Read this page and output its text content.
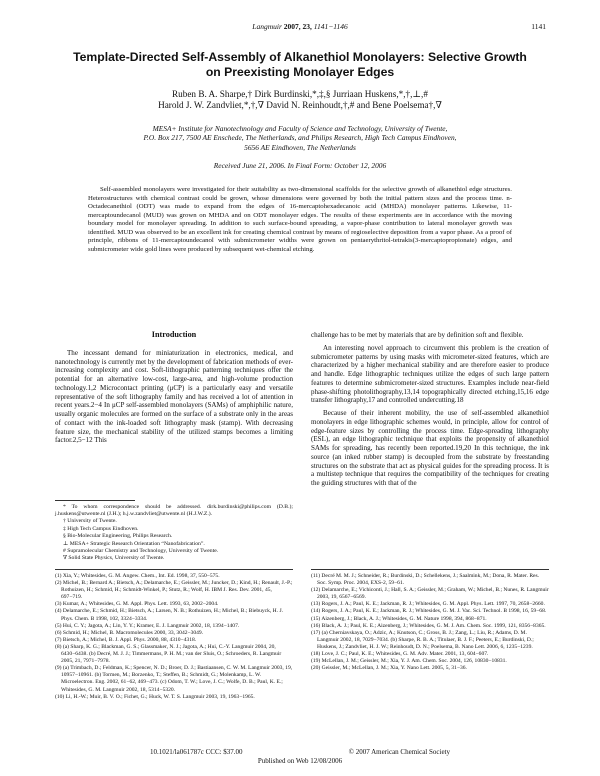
Langmuir 2007, 23, 1141−1146	1141
Template-Directed Self-Assembly of Alkanethiol Monolayers: Selective Growth on Preexisting Monolayer Edges
Ruben B. A. Sharpe,† Dirk Burdinski,*,‡,§ Jurriaan Huskens,*,†,⊥,#
Harold J. W. Zandvliet,*,†,∇ David N. Reinhoudt,†,# and Bene Poelsema†,∇
MESA+ Institute for Nanotechnology and Faculty of Science and Technology, University of Twente,
P.O. Box 217, 7500 AE Enschede, The Netherlands, and Philips Research, High Tech Campus Eindhoven,
5656 AE Eindhoven, The Netherlands
Received June 21, 2006. In Final Form: October 12, 2006

Self-assembled monolayers were investigated for their suitability as two-dimensional scaffolds for the selective growth of alkanethiol edge structures. Heterostructures with chemical contrast could be grown, whose dimensions were governed by both the initial pattern sizes and the process time. n-Octadecanethiol (ODT) was made to expand from the edges of 16-mercaptohexadecanoic acid (MHDA) monolayer patterns. Likewise, 11-mercaptoundecanol (MUD) was grown on MHDA and on ODT monolayer edges. The results of these experiments are in accordance with the moving boundary model for monolayer spreading. In addition to such surface-bound spreading, a vapor-phase contribution to lateral monolayer growth was identified. MUD was observed to be an excellent ink for creating chemical contrast by means of regioselective deposition from a vapor phase. As a proof of principle, ribbons of 11-mercaptoundecanol with submicrometer widths were grown on pentaerythritol-tetrakis(3-mercaptopropionate) edges, and submicrometer wide gold lines were produced by subsequent wet-chemical etching.

Introduction

The incessant demand for miniaturization in electronics, medical, and nanotechnology is currently met by the development of fabrication methods of ever-increasing complexity and cost. Soft-lithographic patterning techniques offer the potential for an alternative low-cost, large-area, and high-volume production technology.1,2 Microcontact printing (μCP) is a particularly easy and versatile representative of the soft lithography family and has received a lot of attention in recent years.2−4 In μCP self-assembled monolayers (SAMs) of amphiphilic nature, usually organic molecules are formed on the surface of a substrate only in the areas of contact with the ink-loaded soft lithography mask (stamp). With decreasing feature size, the mechanical stability of the utilized stamps becomes a limiting factor.2,5−12 This

challenge has to be met by materials that are by definition soft and flexible.

An interesting novel approach to circumvent this problem is the creation of submicrometer patterns by using masks with micrometer-sized features, which are characterized by a higher mechanical stability and are therefore easier to produce and handle. Edge lithographic techniques utilize the edges of such large pattern features to determine submicrometer-sized structures. Examples include near-field phase-shifting photolithography,13,14 topographically directed etching,15,16 edge transfer lithography,17 and controlled undercutting.18

Because of their inherent mobility, the use of self-assembled alkanethiol monolayers in edge lithographic schemes would, in principle, allow for control of edge-feature sizes by controlling the process time. Edge-spreading lithography (ESL), an edge lithographic technique that exploits the propensity of alkanethiol SAMs for spreading, has recently been reported.19,20 In this technique, the ink source (an inked rubber stamp) is decoupled from the substrate by freestanding structures on the substrate that act as physical guides for the spreading process. It is a multistep technique that requires the compatibility of the techniques for creating the guiding structures with that of the

* To whom correspondence should be addressed. dirk.burdinski@philips.com (D.B.); j.huskens@utwente.nl (J.H.); h.j.w.zandvliet@utwente.nl (H.J.W.Z.).
† University of Twente.
‡ High Tech Campus Eindhoven.
§ Bio-Molecular Engineering, Philips Research.
⊥ MESA+ Strategic Research Orientation “Nanofabrication”.
# Supramolecular Chemistry and Technology, University of Twente.
∇ Solid State Physics, University of Twente.
(1) Xia, Y.; Whitesides, G. M. Angew. Chem., Int. Ed. 1998, 37, 550−575.
(2) Michel, B.; Bernard A.; Bietsch, A.; Delamarche, E.; Geissler, M.; Juncker, D.; Kind, H.; Renault, J.-P.; Rothuizen, H.; Schmid, H.; Schmidt-Winkel, P.; Stutz, R.; Wolf, H. IBM J. Res. Dev. 2001, 45, 697−719.
(3) Kumar, A.; Whitesides, G. M. Appl. Phys. Lett. 1993, 63, 2002−2004.
(4) Delamarche, E.; Schmid, H.; Bietsch, A.; Larsen, N. B.; Rothuizen, H.; Michel, B.; Biebuyck, H. J. Phys. Chem. B 1998, 102, 3324−3334.
(5) Hui, C. Y.; Jagota, A.; Lin, Y. Y.; Kramer, E. J. Langmuir 2002, 18, 1394−1407.
(6) Schmid, H.; Michel, B. Macromolecules 2000, 33, 3042−3049.
(7) Bietsch, A.; Michel, B. J. Appl. Phys. 2000, 88, 4310−4318.
(8) (a) Sharp, K. G.; Blackman, G. S.; Glassmaker, N. J.; Jagota, A.; Hui, C.-Y. Langmuir 2004, 20, 6430−6438. (b) Decré, M. J. J.; Timmermans, P. H. M.; van der Sluis, O.; Schroeders, R. Langmuir 2005, 21, 7971−7978.
(9) (a) Trimbach, D.; Feldman, K.; Spencer, N. D.; Broer, D. J.; Bastiaansen, C. W. M. Langmuir 2003, 19, 10957−10961. (b) Tormen, M.; Borzenko, T.; Steffen, B.; Schmidt, G.; Molenkamp, L. W. Microelectron. Eng. 2002, 61−62, 469−473. (c) Odom, T. W.; Love, J. C.; Wolfe, D. B.; Paul, K. E.; Whitesides, G. M. Langmuir 2002, 18, 5314−5320.
(10) Li, H.-W.; Muir, B. V. O.; Fichet, G.; Huck, W. T. S. Langmuir 2003, 19, 1963−1965.
(11) Decré M. M. J.; Schneider, R.; Burdinski, D.; Schellekens, J.; Saalmink, M.; Dona, R. Mater. Res. Soc. Symp. Proc. 2004, EXS-2, 59−61.
(12) Delamarche, E.; Vichiconti, J.; Hall, S. A.; Geissler, M.; Graham, W.; Michel, B.; Nunes, R. Langmuir 2003, 19, 6567−6569.
(13) Rogers, J. A.; Paul, K. E.; Jackman, R. J.; Whitesides, G. M. Appl. Phys. Lett. 1997, 70, 2658−2660.
(14) Rogers, J. A.; Paul, K. E.; Jackman, R. J.; Whitesides, G. M. J. Vac. Sci. Technol. B 1998, 16, 59−68.
(15) Aizenberg, J.; Black, A. J.; Whitesides, G. M. Nature 1998, 394, 868−871.
(16) Black, A. J.; Paul, K. E.; Aizenberg, J.; Whitesides, G. M. J. Am. Chem. Soc. 1999, 121, 8356−8365.
(17) (a) Cherniavskaya, O.; Adzic, A.; Knutson, C.; Gross, B. J.; Zang, L.; Liu, R.; Adams, D. M. Langmuir 2002, 18, 7029−7034. (b) Sharpe, R. B. A.; Titulaer, B. J. F.; Peeters, E.; Burdinski, D.; Huskens, J.; Zandvliet, H. J. W.; Reinhoudt, D. N.; Poelsema, B. Nano Lett. 2006, 6, 1235−1239.
(18) Love, J. C.; Paul, K. E.; Whitesides, G. M. Adv. Mater. 2001, 13, 604−607.
(19) McLellan, J. M.; Geissler, M.; Xia, Y. J. Am. Chem. Soc. 2004, 126, 10830−10831.
(20) Geissler, M.; McLellan, J. M.; Xia, Y. Nano Lett. 2005, 5, 31−36.
10.1021/la061787c CCC: $37.00	© 2007 American Chemical Society
Published on Web 12/08/2006
